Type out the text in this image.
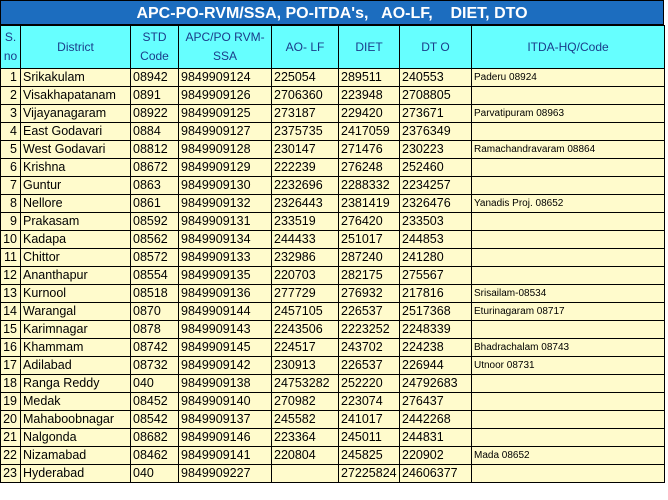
APC-PO-RVM/SSA, PO-ITDA's,   AO-LF,    DIET, DTO
S. no	District	STD Code	APC/PO RVM-SSA	AO- LF	DIET	DT O	ITDA-HQ/Code
1	Srikakulam	08942	9849909124	225054	289511	240553	Paderu 08924
2	Visakhapatanam	0891	9849909126	2706360	223948	2708805	
3	Vijayanagaram	08922	9849909125	273187	229420	273671	Parvatipuram 08963
4	East Godavari	0884	9849909127	2375735	2417059	2376349	
5	West Godavari	08812	9849909128	230147	271476	230223	Ramachandravaram 08864
6	Krishna	08672	9849909129	222239	276248	252460	
7	Guntur	0863	9849909130	2232696	2288332	2234257	
8	Nellore	0861	9849909132	2326443	2381419	2326476	Yanadis Proj. 08652
9	Prakasam	08592	9849909131	233519	276420	233503	
10	Kadapa	08562	9849909134	244433	251017	244853	
11	Chittor	08572	9849909133	232986	287240	241280	
12	Ananthapur	08554	9849909135	220703	282175	275567	
13	Kurnool	08518	9849909136	277729	276932	217816	Srisailam-08534
14	Warangal	0870	9849909144	2457105	226537	2517368	Eturinagaram 08717
15	Karimnagar	0878	9849909143	2243506	2223252	2248339	
16	Khammam	08742	9849909145	224517	243702	224238	Bhadrachalam 08743
17	Adilabad	08732	9849909142	230913	226537	226944	Utnoor 08731
18	Ranga Reddy	040	9849909138	24753282	252220	24792683	
19	Medak	08452	9849909140	270982	223074	276437	
20	Mahaboobnagar	08542	9849909137	245582	241017	2442268	
21	Nalgonda	08682	9849909146	223364	245011	244831	
22	Nizamabad	08462	9849909141	220804	245825	220902	Mada 08652
23	Hyderabad	040	9849909227		27225824	24606377	
